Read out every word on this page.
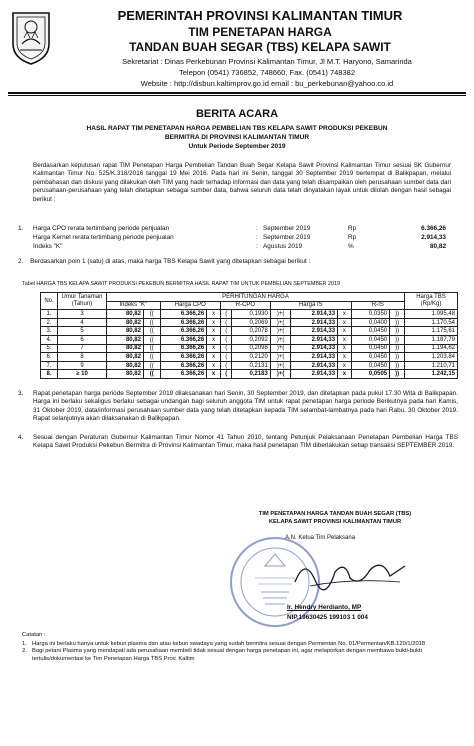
PEMERINTAH PROVINSI KALIMANTAN TIMUR
TIM PENETAPAN HARGA
TANDAN BUAH SEGAR (TBS) KELAPA SAWIT
Sekretariat : Dinas Perkebunan Provinsi Kalimantan Timur, Jl M.T. Haryono, Samarinda
Telepon (0541) 736852, 748660, Fax. (0541) 748382
Website : http://disbun.kaltimprov.go.id email : bu_perkebunan@yahoo.co.id
BERITA ACARA
HASIL RAPAT TIM PENETAPAN HARGA PEMBELIAN TBS KELAPA SAWIT PRODUKSI PEKEBUN
BERMITRA DI PROVINSI KALIMANTAN TIMUR
Untuk Periode September 2019
Berdasarkan keputusan rapat TIM Penetapan Harga Pembelian Tandan Buah Segar Kelapa Sawit Provinsi Kalimantan Timur sesuai SK Gubernur Kalimantan Timur No. 525/K.318/2016 tanggal 19 Mei 2016. Pada hari ini Senin, tanggal 30 September 2019 bertempat di Balikpapan, melalui pembahasan dan diskusi yang dilakukan oleh TIM yang hadir terhadap informasi dan data yang telah disampaikan oleh perusahaan sumber data dari perusahaan-perusahaan yang telah ditetapkan sebagai sumber data, bahwa seluruh data telah dinyatakan layak untuk dilolah dengan hasil sebagai berikut :
1. Harga CPO rerata tertimbang periode penjualan	: September 2019	Rp	6.366,26
Harga Kernel rerata tertimbang periode penjualan	: September 2019	Rp	2.914,33
Indeks "K"	: Agustus 2019	%	80,82
2. Berdasarkan poin 1 (satu) di atas, maka harga TBS Kelapa Sawit yang ditetapkan sebagai berikut :
Tabel HARGA TBS KELAPA SAWIT PRODUKSI PEKEBUN BERMITRA HASIL RAPAT TIM UNTUK PEMBELIAN SEPTEMBER 2019
No.	Umur Tanaman (Tahun)	PERHITUNGAN HARGA											Harga TBS (Rp/Kg)
		Indeks "K"		Harga CPO		R-CPO		Harga IS			R-IS		
1.	3	80,82	((	6.366,26	x	(	0,1930	)+(	2.914,33	x	0,0350	))	1.095,48
2.	4	80,82	((	6.366,26	x	(	0,2069	)+(	2.914,33	x	0,0400	))	1.170,54
3.	5	80,82	((	6.366,26	x	(	0,2078	)+(	2.914,33	x	0,0450	))	1.175,61
4.	6	80,82	((	6.366,26	x	(	0,2092	)+(	2.914,33	x	0,0450	))	1.187,79
5.	7	80,82	((	6.366,26	x	(	0,2098	)+(	2.914,33	x	0,0450	))	1.194,62
6.	8	80,82	((	6.366,26	x	(	0,2120	)+(	2.914,33	x	0,0450	))	1.203,84
7.	9	80,82	((	6.366,26	x	(	0,2131	)+(	2.914,33	x	0,0450	))	1.210,71
8.	≥ 10	80,82	((	6.366,26	x	(	0,2183	)+(	2.914,33	x	0,0505	))	1.242,15
3. Rapat penetapan harga periode September 2019 dilaksanakan hari Senin, 30 September 2019, dan ditetapkan pada pukul 17.30 Wita di Balikpapan. Harga ini berlaku sekaligus berlaku sebagai undangan bagi seluruh anggota TIM untuk rapat penetapan harga periode Berikutnya pada hari Kamis, 31 Oktober 2019, data/informasi perusahaan sumber data yang telah ditetapkan kepada TIM selambat-lambatnya pada hari Rabu, 30 Oktober 2019. Rapat selanjutnya akan dilaksanakan di Balikpapan.
4. Sesuai dengan Peraturan Gubernur Kalimantan Timur Nomor 41 Tahun 2010, tentang Petunjuk Pelaksanaan Penetapan Pembelian Harga TBS Kelapa Sawit Produksi Pekebun Bermitra di Provinsi Kalimantan Timur, maka hasil penetapan TIM diberlakukan setiap transaksi SEPTEMBER 2019.
TIM PENETAPAN HARGA TANDAN BUAH SEGAR (TBS)
KELAPA SAWIT PROVINSI KALIMANTAN TIMUR
A.N. Ketua Tim Pelaksana
Ir. Hendry Herdianto, MP
NIP.19630425 199103 1 004
Catatan :
1. Harga ini berlaku hanya untuk kebun plasma dan atau kebun swadaya yang sudah bermitra sesuai dengan Permentan No. 01/Permentan/KB.120/1/2018
2. Bagi petani Plasma yang mendapati ada perusahaan membeli tidak sesuai dengan harga penetapan ini, agar melaporkan dengan membawa bukti-bukti tertulis/dokumentasi ke Tim Penetapan Harga TBS Prov. Kaltim
